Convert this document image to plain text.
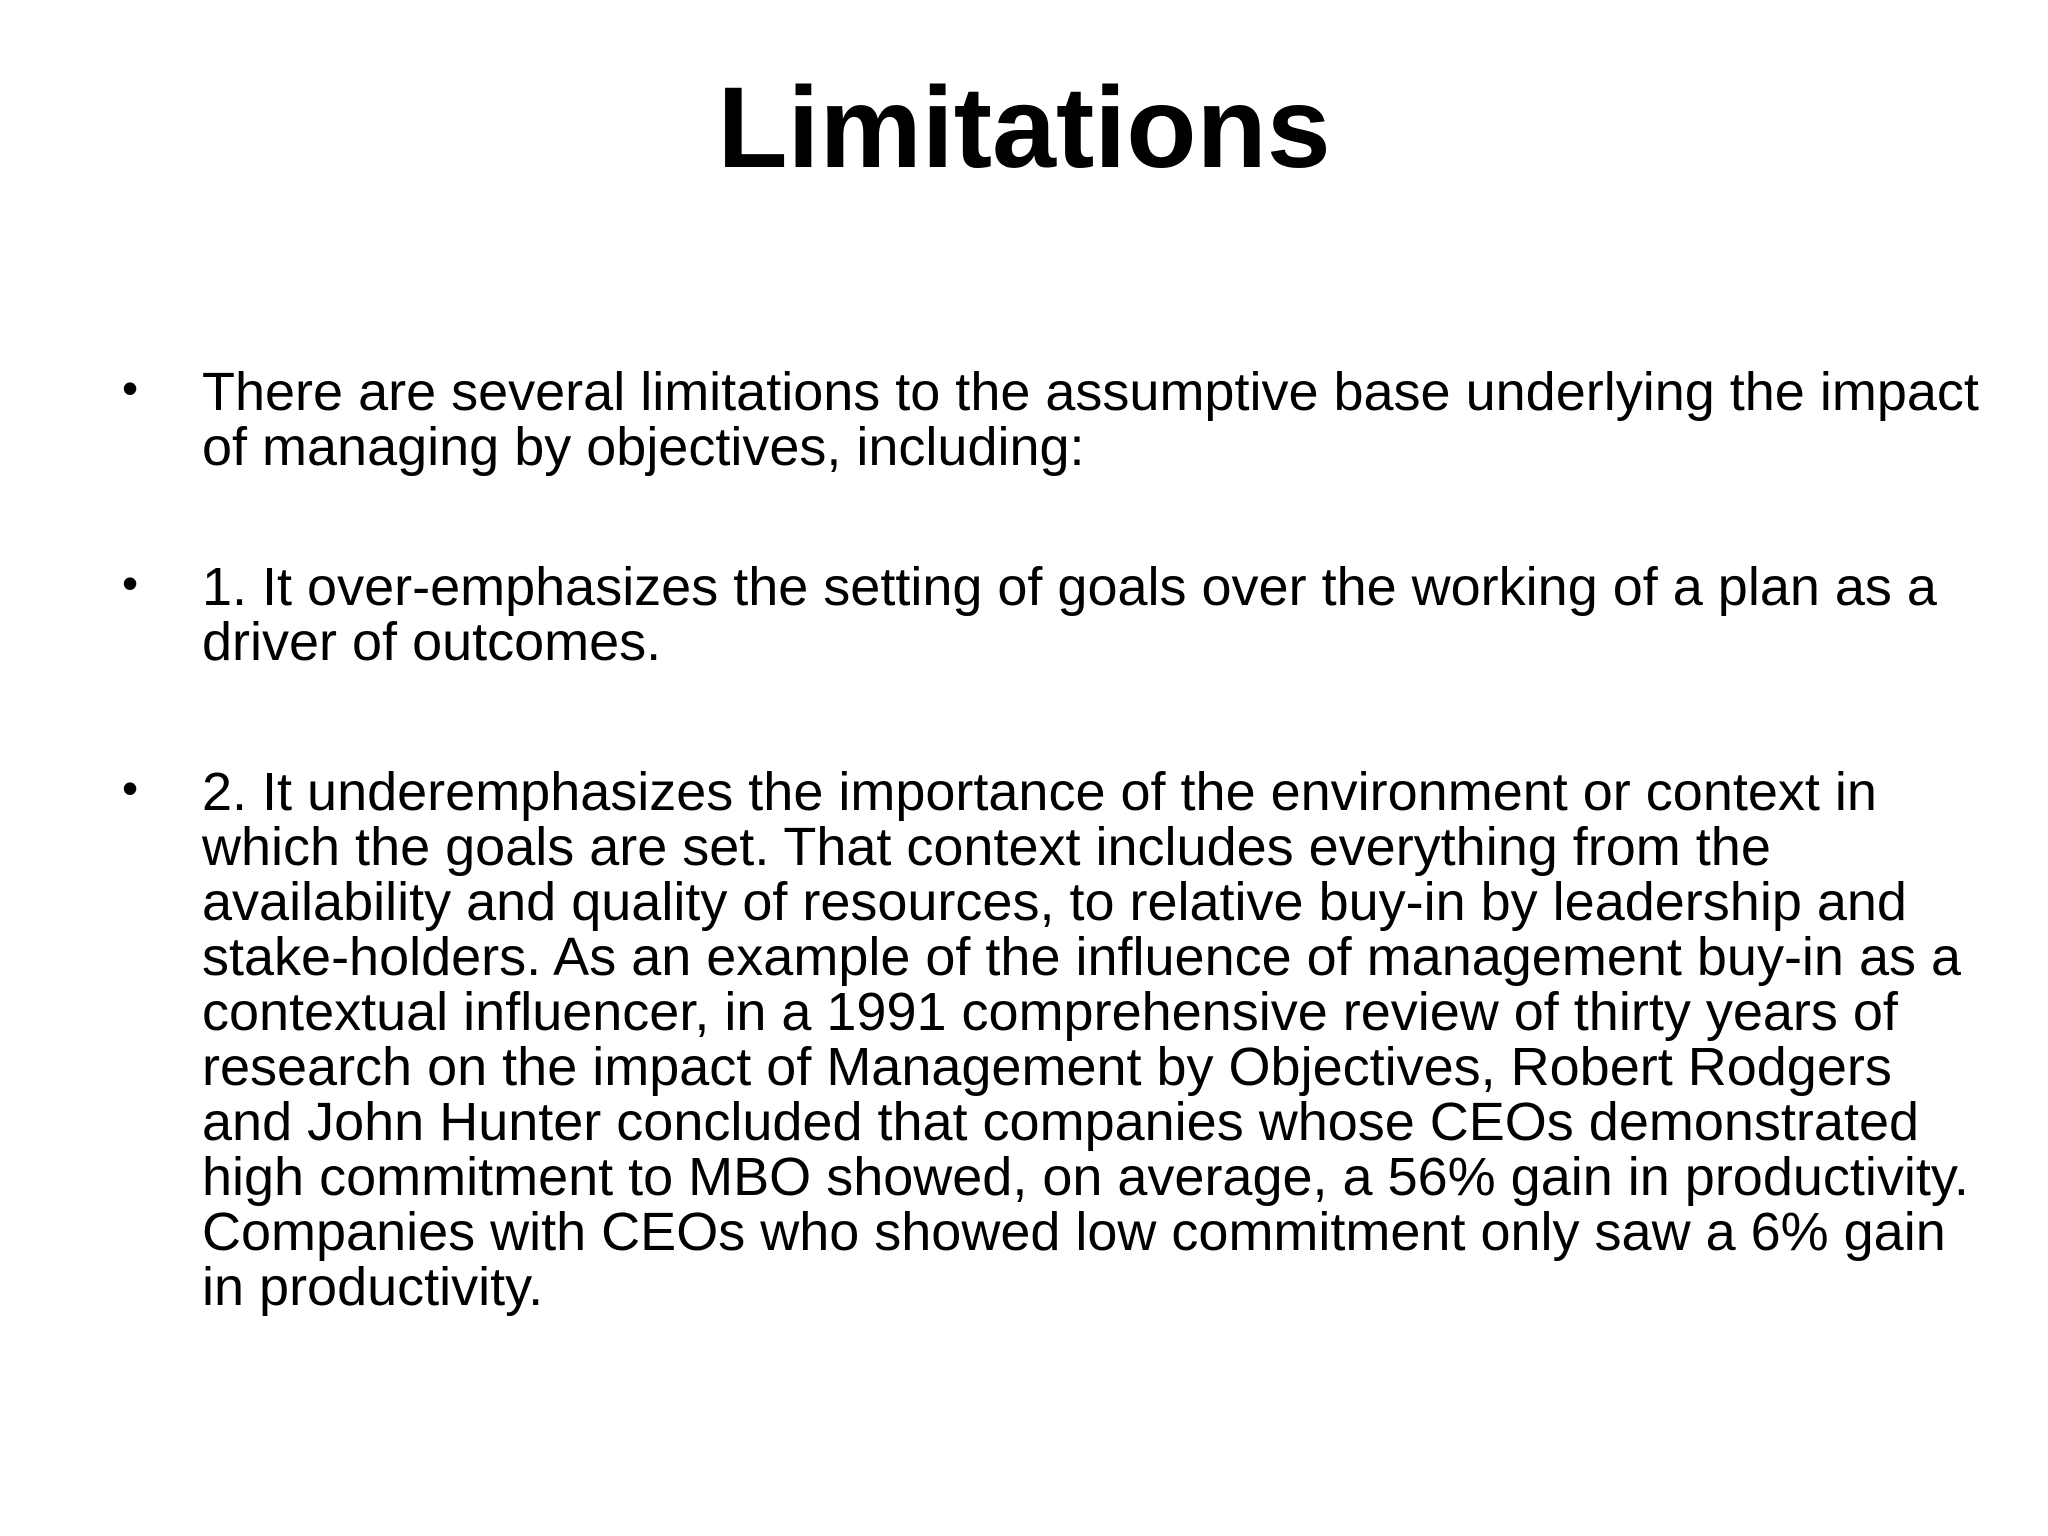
Limitations
• There are several limitations to the assumptive base underlying the impact of managing by objectives, including:
• 1. It over-emphasizes the setting of goals over the working of a plan as a driver of outcomes.
• 2. It underemphasizes the importance of the environment or context in which the goals are set. That context includes everything from the availability and quality of resources, to relative buy-in by leadership and stake-holders. As an example of the influence of management buy-in as a contextual influencer, in a 1991 comprehensive review of thirty years of research on the impact of Management by Objectives, Robert Rodgers and John Hunter concluded that companies whose CEOs demonstrated high commitment to MBO showed, on average, a 56% gain in productivity. Companies with CEOs who showed low commitment only saw a 6% gain in productivity.
